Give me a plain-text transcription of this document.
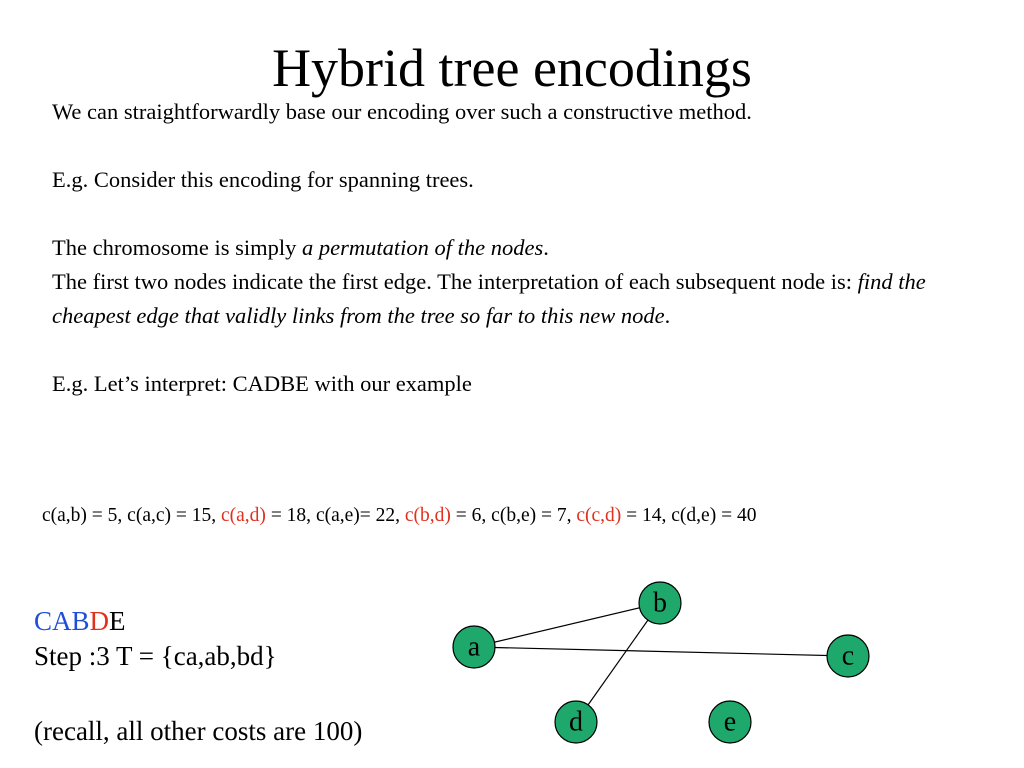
Hybrid tree encodings

We can straightforwardly base our encoding over such a constructive method.

E.g. Consider this encoding for spanning trees.

The chromosome is simply a permutation of the nodes.

The first two nodes indicate the first edge. The interpretation of each subsequent node is: find the cheapest edge that validly links from the tree so far to this new node.

E.g. Let’s interpret: CADBE with our example

c(a,b) = 5, c(a,c) = 15, c(a,d) = 18, c(a,e)= 22, c(b,d) = 6, c(b,e) = 7, c(c,d) = 14, c(d,e) = 40
CABDE
Step :3 T = {ca,ab,bd}
(recall, all other costs are 100)
a
b
c
d	e
